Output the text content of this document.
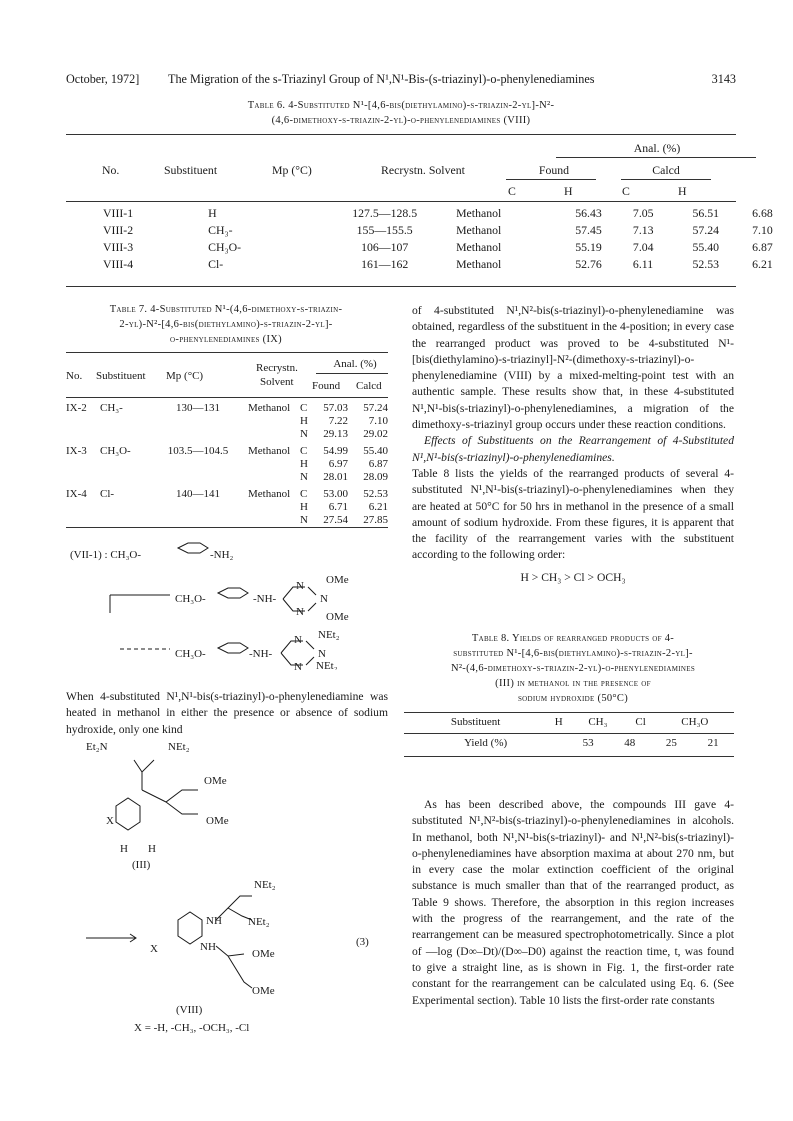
October, 1972] The Migration of the s-Triazinyl Group of N¹,N¹-Bis-(s-triazinyl)-o-phenylenediamines	3143
Table 6. 4-Substituted N¹-[4,6-bis(diethylamino)-s-triazin-2-yl]-N²-
(4,6-dimethoxy-s-triazin-2-yl)-o-phenylenediamines (VIII)
Anal. (%)
No.	Substituent	Mp (°C)	Recrystn. Solvent	Found	Calcd
C	H	C	H
VIII-1	H	127.5—128.5	Methanol	56.43	7.05	56.51	6.68
VIII-2	CH₃-	155—155.5	Methanol	57.45	7.13	57.24	7.10
VIII-3	CH₃O-	106—107	Methanol	55.19	7.04	55.40	6.87
VIII-4	Cl-	161—162	Methanol	52.76	6.11	52.53	6.21
Table 7. 4-Substituted N¹-(4,6-dimethoxy-s-triazin-
2-yl)-N²-[4,6-bis(diethylamino)-s-triazin-2-yl]-
o-phenylenediamines (IX)
No. Substituent Mp (°C)
Recrystn.
Solvent
Anal. (%)
Found Calcd
IX-2 CH₃-	130—131	Methanol C	57.03	57.24
H	7.22	7.10
N	29.13	29.02
IX-3 CH₃O-	103.5—104.5	Methanol C	54.99	55.40
H	6.97	6.87
N	28.01	28.09
IX-4 Cl-	140—141	Methanol C	53.00	52.53
H	6.71	6.21
N	27.54	27.85
(VII-1) : CH₃O-	-NH₂
CH₃O-	-NH-
N OMe
N
N OMe
CH₃O-	-NH-
N NEt₂
N
N NEt₂
When 4-substituted N¹,N¹-bis(s-triazinyl)-o-phenylenediamine was heated in methanol in either the presence or absence of sodium hydroxide, only one kind
Et₂N	NEt₂
OMe
OMe
X
H H
(III)
NEt₂
NEt₂
NH
NH
X	OMe
OMe
(3)
(VIII)
X = -H, -CH₃, -OCH₃, -Cl

of 4-substituted N¹,N²-bis(s-triazinyl)-o-phenylenediamine was obtained, regardless of the substituent in the 4-position; in every case the rearranged product was proved to be 4-substituted N¹-[bis(diethylamino)-s-triazinyl]-N²-(dimethoxy-s-triazinyl)-o-phenylenediamine (VIII) by a mixed-melting-point test with an authentic sample. These results show that, in these 4-substituted N¹,N¹-bis(s-triazinyl)-o-phenylenediamines, a migration of the dimethoxy-s-triazinyl group occurs under these reaction conditions.

Effects of Substituents on the Rearrangement of 4-Substituted N¹,N¹-bis(s-triazinyl)-o-phenylenediamines.

Table 8 lists the yields of the rearranged products of several 4-substituted N¹,N¹-bis(s-triazinyl)-o-phenylenediamines when they are heated at 50°C for 50 hrs in methanol in the presence of a small amount of sodium hydroxide. From these figures, it is apparent that the facility of the rearrangement varies with the substituent according to the following order:

H > CH₃ > Cl > OCH₃
Table 8. Yields of rearranged products of 4-
substituted N¹-[4,6-bis(diethylamino)-s-triazin-2-yl]-
N²-(4,6-dimethoxy-s-triazin-2-yl)-o-phenylenediamines
(III) in methanol in the presence of
sodium hydroxide (50°C)
Substituent	H	CH₃	Cl	CH₃O
Yield (%)	53	48	25	21
As has been described above, the compounds III gave 4-substituted N¹,N²-bis(s-triazinyl)-o-phenylenediamines in alcohols. In methanol, both N¹,N¹-bis(s-triazinyl)- and N¹,N²-bis(s-triazinyl)-o-phenylenediamines have absorption maxima at about 270 nm, but in every case the molar extinction coefficient of the original substance is much smaller than that of the rearranged product, as Table 9 shows. Therefore, the absorption in this region increases with the progress of the rearrangement, and the rate of the rearrangement can be measured spectrophotometrically. Since a plot of —log (D∞–Dt)/(D∞–D0) against the reaction time, t, was found to give a straight line, as is shown in Fig. 1, the first-order rate constant for the rearrangement can be calculated using Eq. 6. (See Experimental section). Table 10 lists the first-order rate constants
